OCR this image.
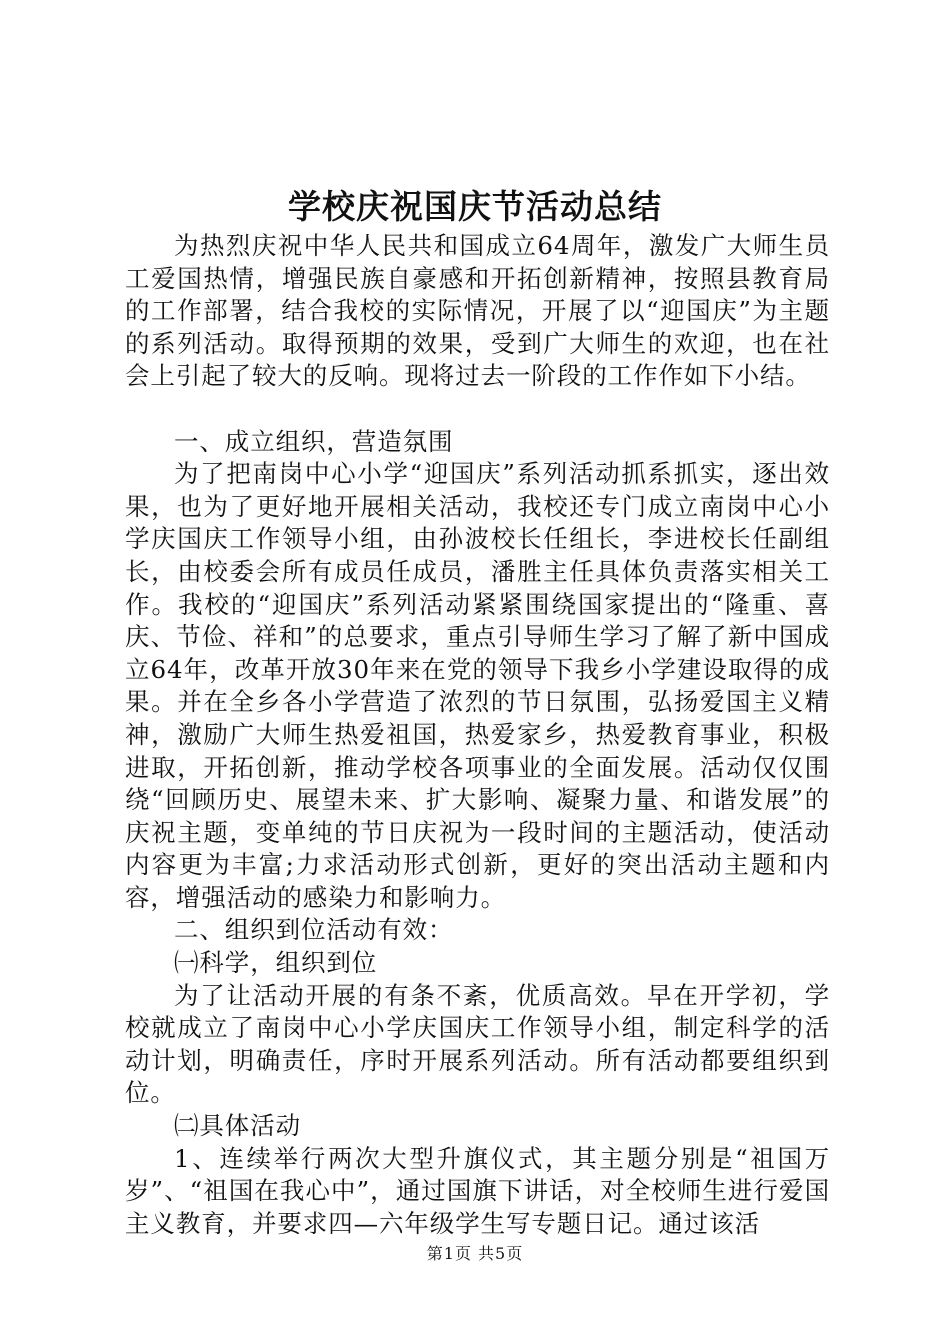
学校庆祝国庆节活动总结

为热烈庆祝中华人民共和国成立64周年，激发广大师生员工爱国热情，增强民族自豪感和开拓创新精神，按照县教育局的工作部署，结合我校的实际情况，开展了以“迎国庆”为主题的系列活动。取得预期的效果，受到广大师生的欢迎，也在社会上引起了较大的反响。现将过去一阶段的工作作如下小结。

一、成立组织，营造氛围

为了把南岗中心小学“迎国庆”系列活动抓系抓实，逐出效果，也为了更好地开展相关活动，我校还专门成立南岗中心小学庆国庆工作领导小组，由孙波校长任组长，李进校长任副组长，由校委会所有成员任成员，潘胜主任具体负责落实相关工作。我校的“迎国庆”系列活动紧紧围绕国家提出的“隆重、喜庆、节俭、祥和”的总要求，重点引导师生学习了解了新中国成立64年，改革开放30年来在党的领导下我乡小学建设取得的成果。并在全乡各小学营造了浓烈的节日氛围，弘扬爱国主义精神，激励广大师生热爱祖国，热爱家乡，热爱教育事业，积极进取，开拓创新，推动学校各项事业的全面发展。活动仅仅围绕“回顾历史、展望未来、扩大影响、凝聚力量、和谐发展”的庆祝主题，变单纯的节日庆祝为一段时间的主题活动，使活动内容更为丰富;力求活动形式创新，更好的突出活动主题和内容，增强活动的感染力和影响力。

二、组织到位活动有效：

㈠科学，组织到位

为了让活动开展的有条不紊，优质高效。早在开学初，学校就成立了南岗中心小学庆国庆工作领导小组，制定科学的活动计划，明确责任，序时开展系列活动。所有活动都要组织到位。

㈡具体活动

1、连续举行两次大型升旗仪式，其主题分别是“祖国万岁”、“祖国在我心中”，通过国旗下讲话，对全校师生进行爱国主义教育，并要求四—六年级学生写专题日记。通过该活

第1页 共5页
